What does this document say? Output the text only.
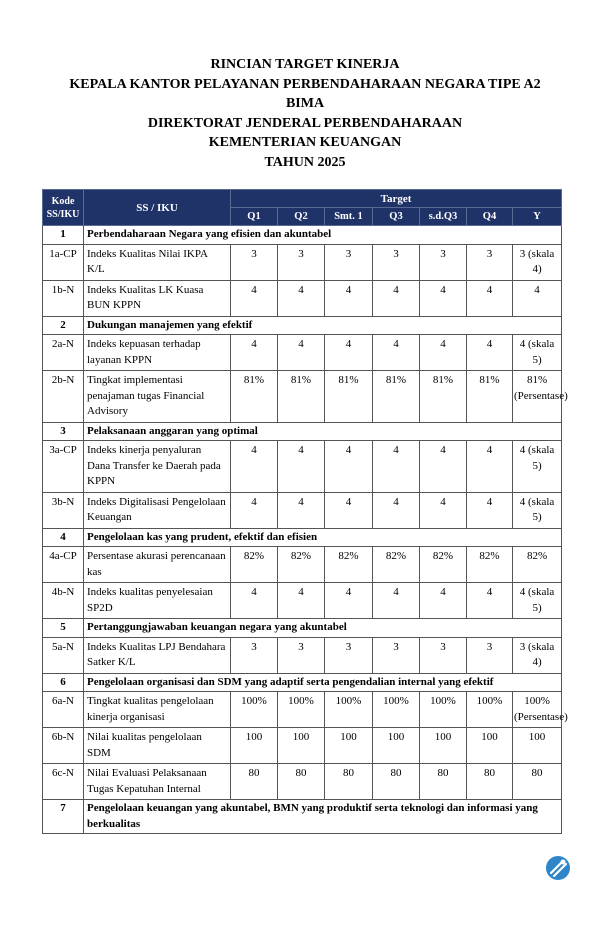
RINCIAN TARGET KINERJA
KEPALA KANTOR PELAYANAN PERBENDAHARAAN NEGARA TIPE A2
BIMA
DIREKTORAT JENDERAL PERBENDAHARAAN
KEMENTERIAN KEUANGAN
TAHUN 2025
Kode SS/IKU	SS / IKU	Target						
		Q1	Q2	Smt. 1	Q3	s.d.Q3	Q4	Y
1	Perbendaharaan Negara yang efisien dan akuntabel							
1a-CP	Indeks Kualitas Nilai IKPA K/L	3	3	3	3	3	3	3 (skala 4)
1b-N	Indeks Kualitas LK Kuasa BUN KPPN	4	4	4	4	4	4	4
2	Dukungan manajemen yang efektif							
2a-N	Indeks kepuasan terhadap layanan KPPN	4	4	4	4	4	4	4 (skala 5)
2b-N	Tingkat implementasi penajaman tugas Financial Advisory	81%	81%	81%	81%	81%	81%	81% (Persentase)
3	Pelaksanaan anggaran yang optimal							
3a-CP	Indeks kinerja penyaluran Dana Transfer ke Daerah pada KPPN	4	4	4	4	4	4	4 (skala 5)
3b-N	Indeks Digitalisasi Pengelolaan Keuangan	4	4	4	4	4	4	4 (skala 5)
4	Pengelolaan kas yang prudent, efektif dan efisien							
4a-CP	Persentase akurasi perencanaan kas	82%	82%	82%	82%	82%	82%	82%
4b-N	Indeks kualitas penyelesaian SP2D	4	4	4	4	4	4	4 (skala 5)
5	Pertanggungjawaban keuangan negara yang akuntabel							
5a-N	Indeks Kualitas LPJ Bendahara Satker K/L	3	3	3	3	3	3	3 (skala 4)
6	Pengelolaan organisasi dan SDM yang adaptif serta pengendalian internal yang efektif							
6a-N	Tingkat kualitas pengelolaan kinerja organisasi	100%	100%	100%	100%	100%	100%	100% (Persentase)
6b-N	Nilai kualitas pengelolaan SDM	100	100	100	100	100	100	100
6c-N	Nilai Evaluasi Pelaksanaan Tugas Kepatuhan Internal	80	80	80	80	80	80	80
7	Pengelolaan keuangan yang akuntabel, BMN yang produktif serta teknologi dan informasi yang berkualitas							
